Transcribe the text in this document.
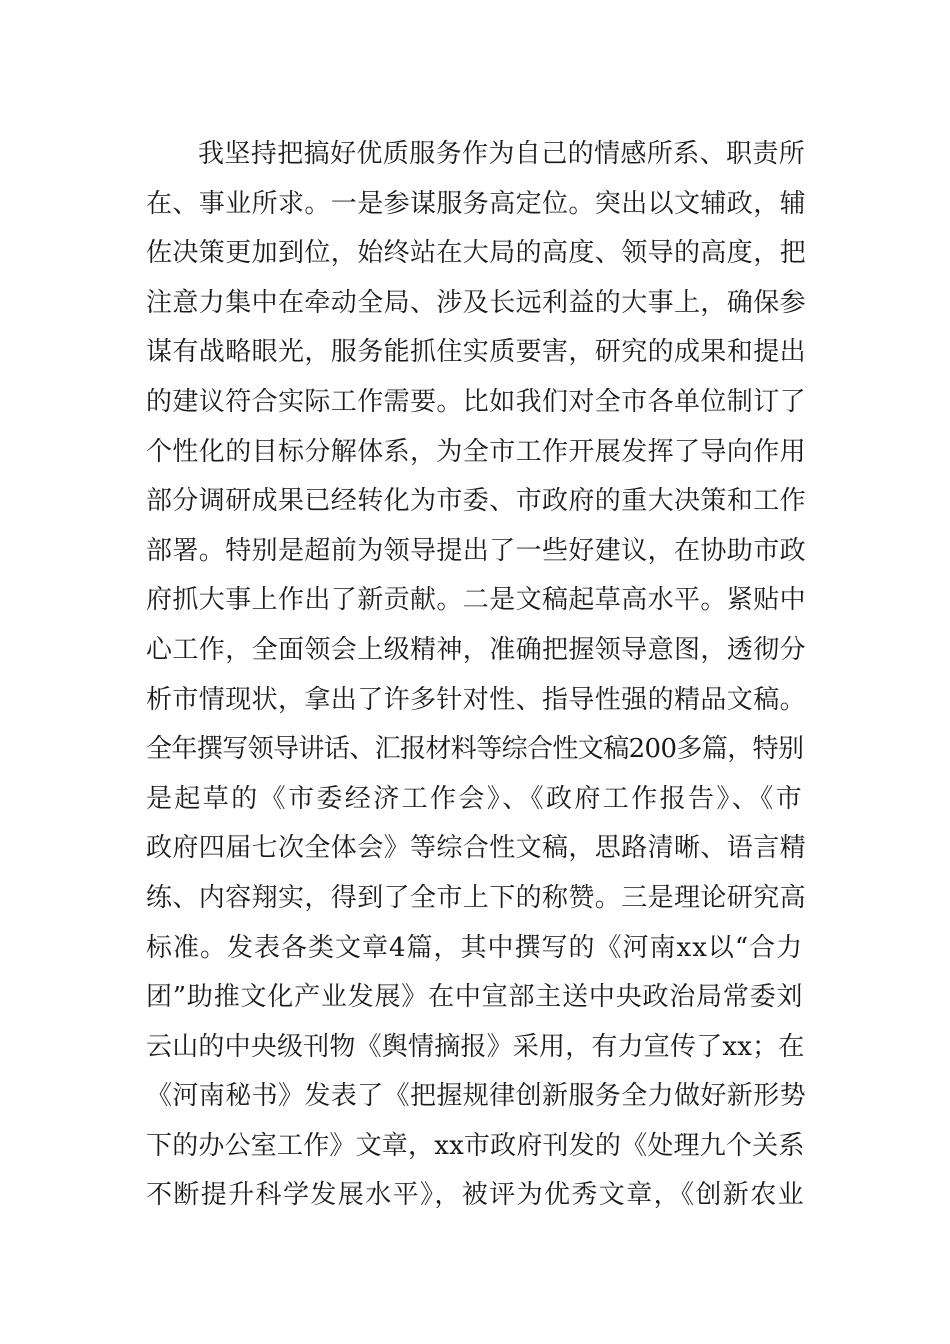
我坚持把搞好优质服务作为自己的情感所系、职责所
在、事业所求。一是参谋服务高定位。突出以文辅政，辅
佐决策更加到位，始终站在大局的高度、领导的高度，把
注意力集中在牵动全局、涉及长远利益的大事上，确保参
谋有战略眼光，服务能抓住实质要害，研究的成果和提出
的建议符合实际工作需要。比如我们对全市各单位制订了
个性化的目标分解体系，为全市工作开展发挥了导向作用
部分调研成果已经转化为市委、市政府的重大决策和工作
部署。特别是超前为领导提出了一些好建议，在协助市政
府抓大事上作出了新贡献。二是文稿起草高水平。紧贴中
心工作，全面领会上级精神，准确把握领导意图，透彻分
析市情现状，拿出了许多针对性、指导性强的精品文稿。
全年撰写领导讲话、汇报材料等综合性文稿200多篇，特别
是起草的《市委经济工作会》、《政府工作报告》、《市
政府四届七次全体会》等综合性文稿，思路清晰、语言精
练、内容翔实，得到了全市上下的称赞。三是理论研究高
标准。发表各类文章4篇，其中撰写的《河南xx以“合力
团”助推文化产业发展》在中宣部主送中央政治局常委刘
云山的中央级刊物《舆情摘报》采用，有力宣传了xx；在
《河南秘书》发表了《把握规律创新服务全力做好新形势
下的办公室工作》文章，xx市政府刊发的《处理九个关系
不断提升科学发展水平》，被评为优秀文章，《创新农业
